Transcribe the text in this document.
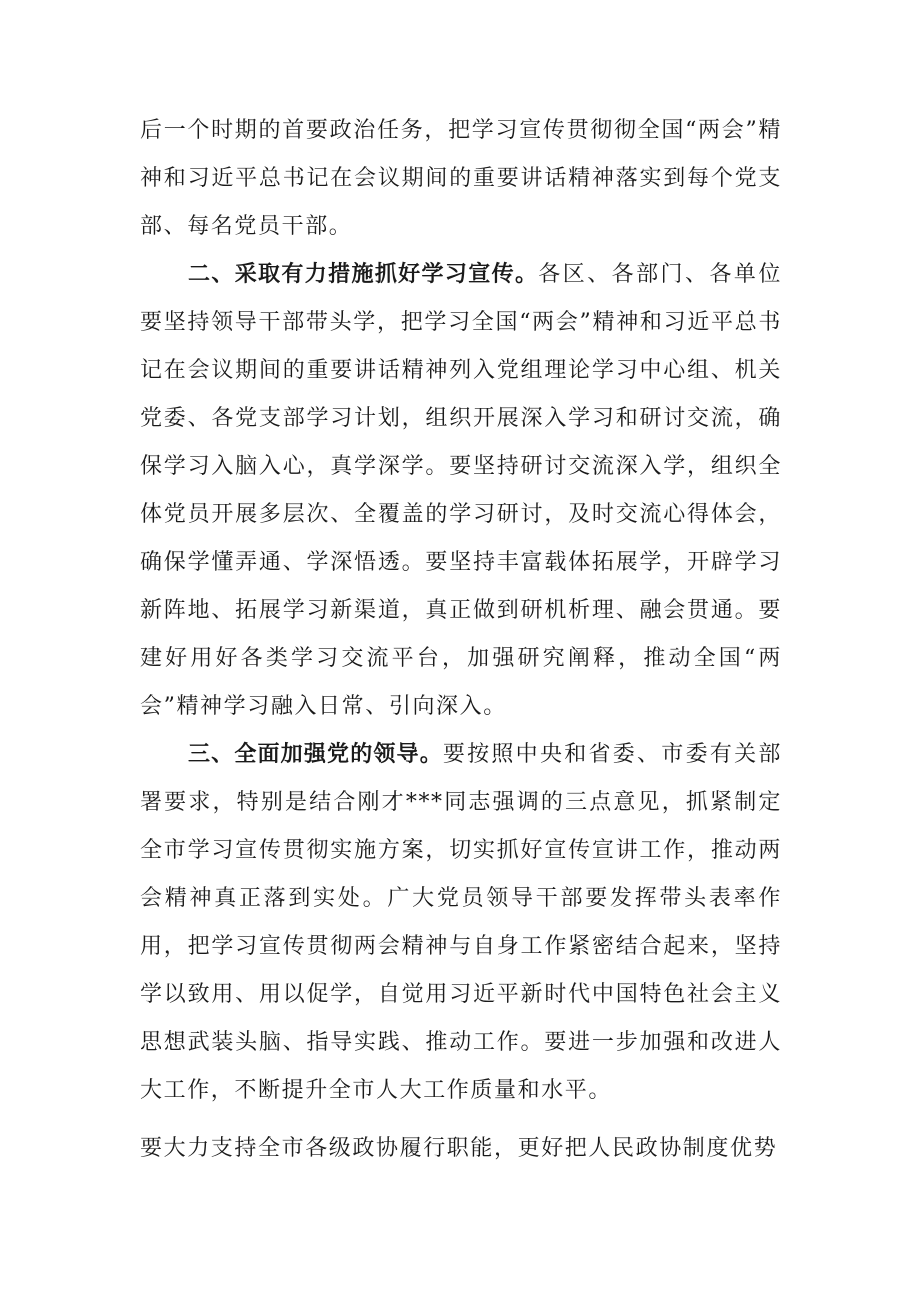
后一个时期的首要政治任务，把学习宣传贯彻彻全国“两会”精神和习近平总书记在会议期间的重要讲话精神落实到每个党支部、每名党员干部。

二、采取有力措施抓好学习宣传。各区、各部门、各单位要坚持领导干部带头学，把学习全国“两会”精神和习近平总书记在会议期间的重要讲话精神列入党组理论学习中心组、机关党委、各党支部学习计划，组织开展深入学习和研讨交流，确保学习入脑入心，真学深学。要坚持研讨交流深入学，组织全体党员开展多层次、全覆盖的学习研讨，及时交流心得体会，确保学懂弄通、学深悟透。要坚持丰富载体拓展学，开辟学习新阵地、拓展学习新渠道，真正做到研机析理、融会贯通。要建好用好各类学习交流平台，加强研究阐释，推动全国“两会”精神学习融入日常、引向深入。

三、全面加强党的领导。要按照中央和省委、市委有关部署要求，特别是结合刚才***同志强调的三点意见，抓紧制定全市学习宣传贯彻实施方案，切实抓好宣传宣讲工作，推动两会精神真正落到实处。广大党员领导干部要发挥带头表率作用，把学习宣传贯彻两会精神与自身工作紧密结合起来，坚持学以致用、用以促学，自觉用习近平新时代中国特色社会主义思想武装头脑、指导实践、推动工作。要进一步加强和改进人大工作，不断提升全市人大工作质量和水平。

要大力支持全市各级政协履行职能，更好把人民政协制度优势
